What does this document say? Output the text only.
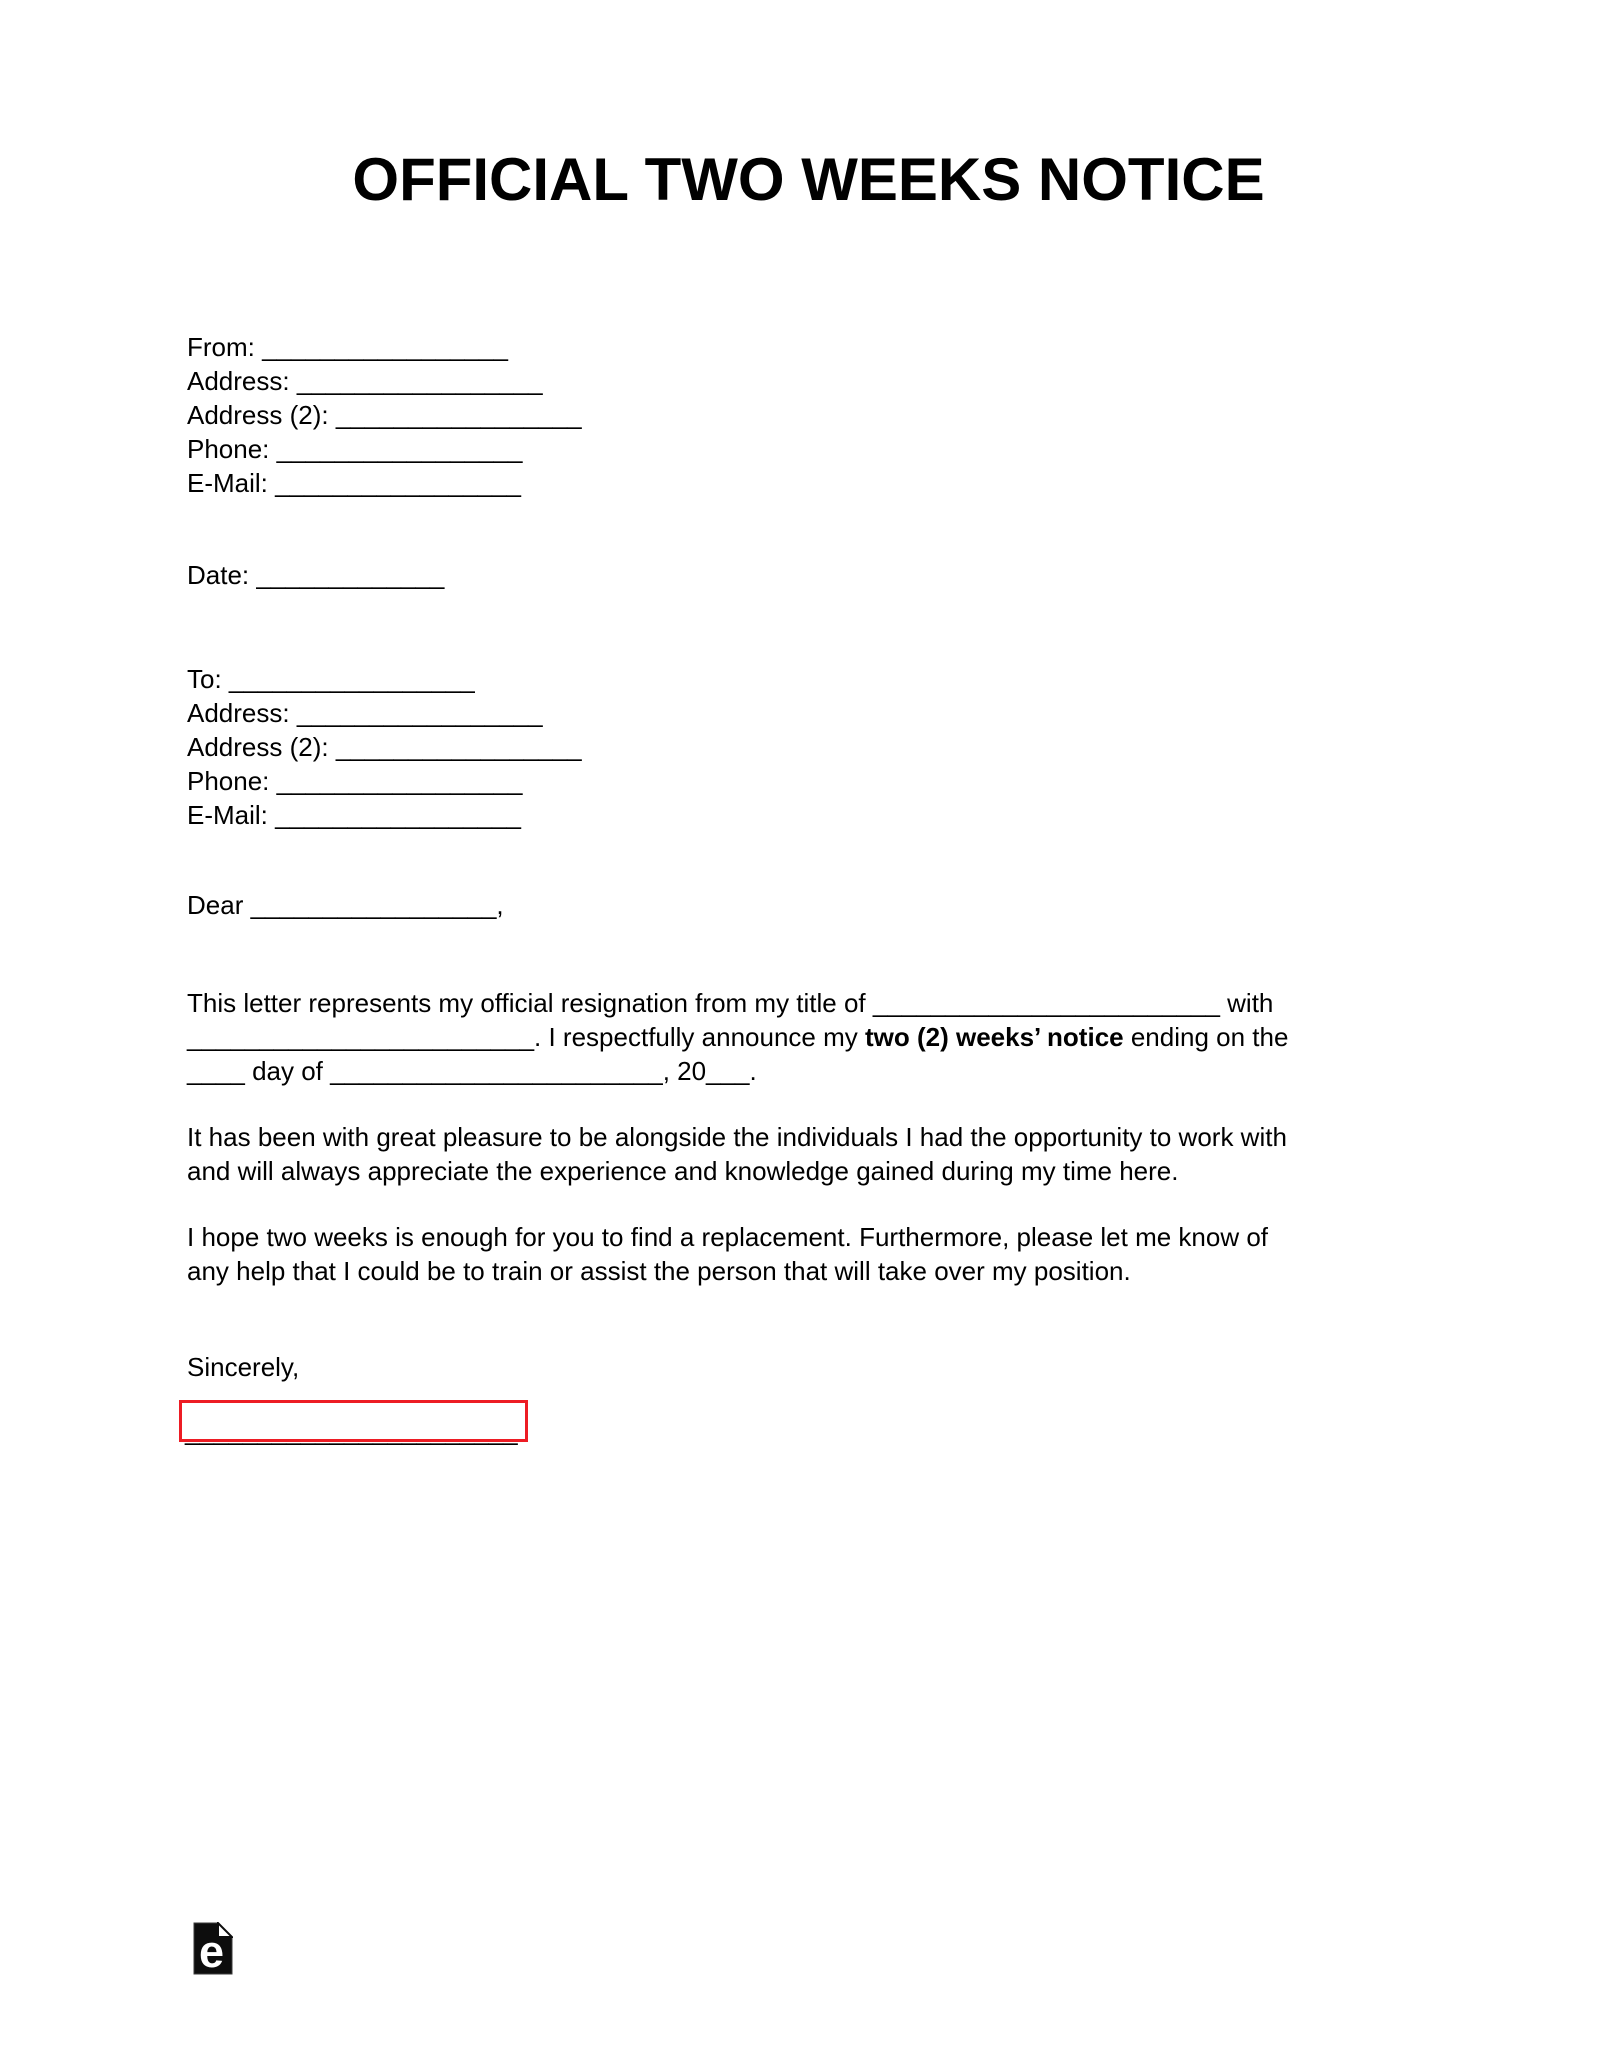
OFFICIAL TWO WEEKS NOTICE
From: _________________
Address: _________________
Address (2): _________________
Phone: _________________
E-Mail: _________________
Date: _____________
To: _________________
Address: _________________
Address (2): _________________
Phone: _________________
E-Mail: _________________
Dear _________________,

This letter represents my official resignation from my title of ________________________ with
________________________. I respectfully announce my two (2) weeks’ notice ending on the
____ day of _______________________, 20___.

It has been with great pleasure to be alongside the individuals I had the opportunity to work with
and will always appreciate the experience and knowledge gained during my time here.

I hope two weeks is enough for you to find a replacement. Furthermore, please let me know of
any help that I could be to train or assist the person that will take over my position.

Sincerely,
_______________________
e
